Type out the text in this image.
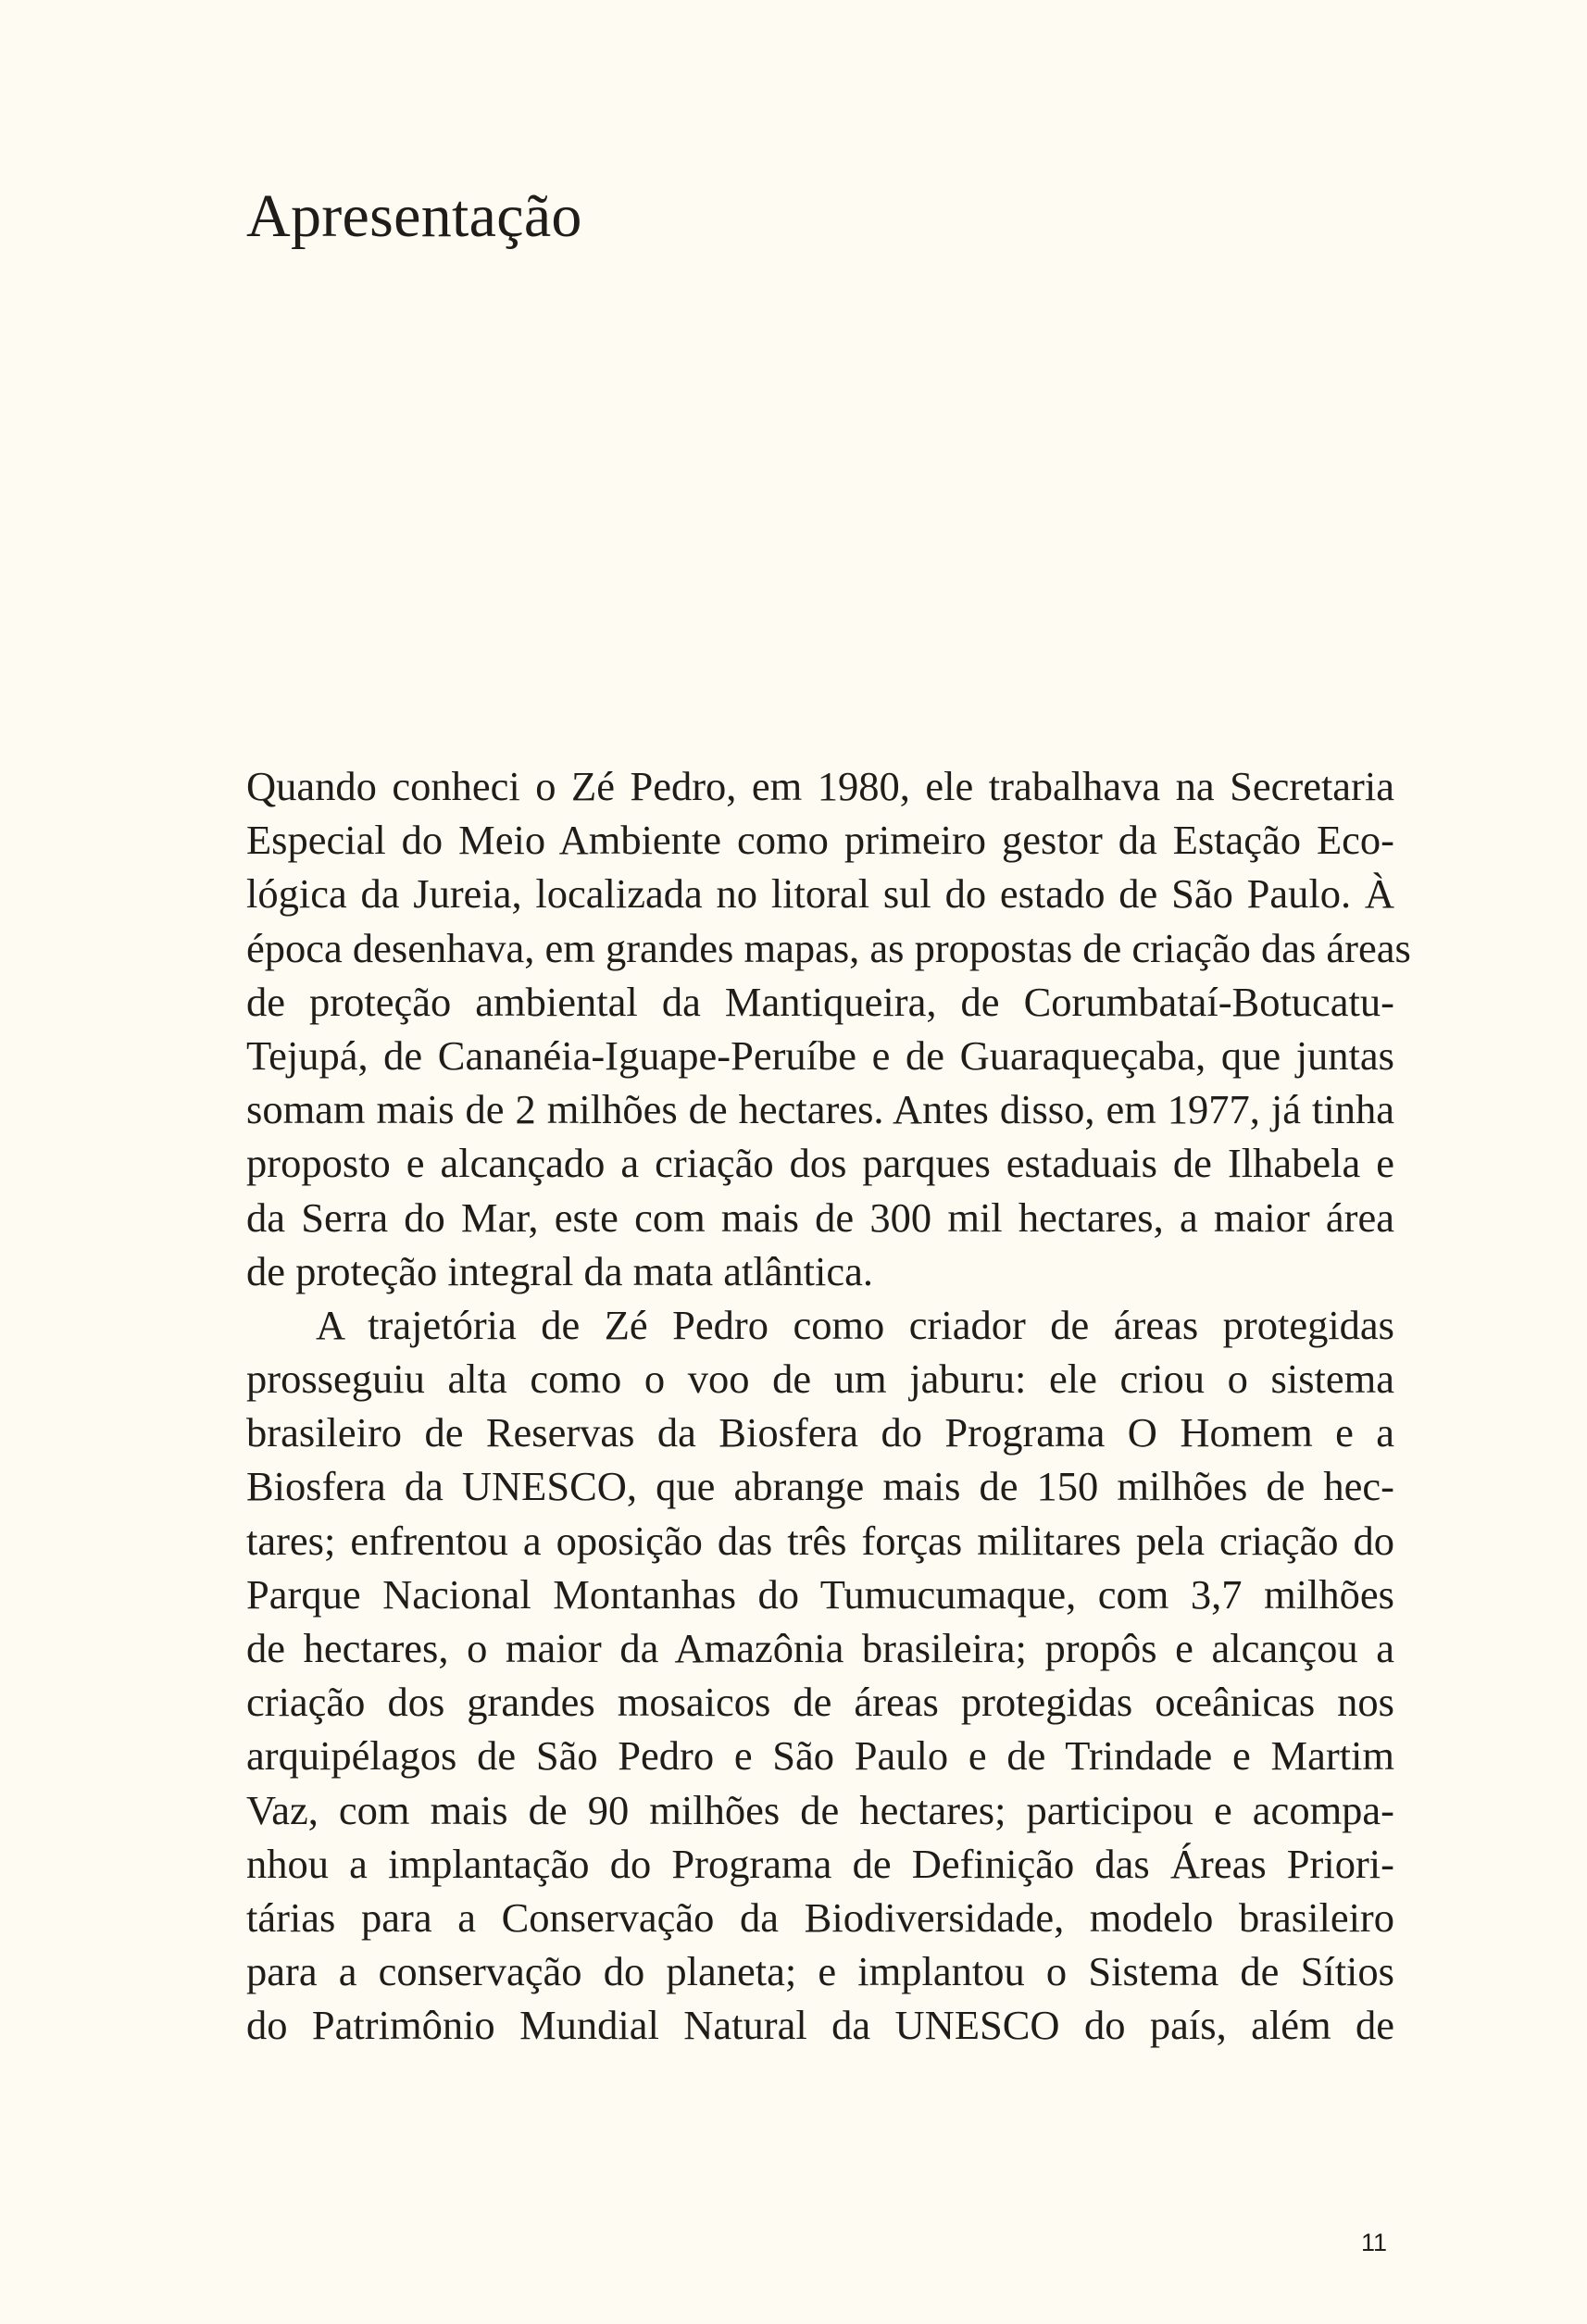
Apresentação

Quando conheci o Zé Pedro, em 1980, ele trabalhava na Secretaria
Especial do Meio Ambiente como primeiro gestor da Estação Eco-
lógica da Jureia, localizada no litoral sul do estado de São Paulo. À
época desenhava, em grandes mapas, as propostas de criação das áreas
de proteção ambiental da Mantiqueira, de Corumbataí-Botucatu-
Tejupá, de Cananéia-Iguape-Peruíbe e de Guaraqueçaba, que juntas
somam mais de 2 milhões de hectares. Antes disso, em 1977, já tinha
proposto e alcançado a criação dos parques estaduais de Ilhabela e
da Serra do Mar, este com mais de 300 mil hectares, a maior área
de proteção integral da mata atlântica.

A trajetória de Zé Pedro como criador de áreas protegidas
prosseguiu alta como o voo de um jaburu: ele criou o sistema
brasileiro de Reservas da Biosfera do Programa O Homem e a
Biosfera da UNESCO, que abrange mais de 150 milhões de hec-
tares; enfrentou a oposição das três forças militares pela criação do
Parque Nacional Montanhas do Tumucumaque, com 3,7 milhões
de hectares, o maior da Amazônia brasileira; propôs e alcançou a
criação dos grandes mosaicos de áreas protegidas oceânicas nos
arquipélagos de São Pedro e São Paulo e de Trindade e Martim
Vaz, com mais de 90 milhões de hectares; participou e acompa-
nhou a implantação do Programa de Definição das Áreas Priori-
tárias para a Conservação da Biodiversidade, modelo brasileiro
para a conservação do planeta; e implantou o Sistema de Sítios
do Patrimônio Mundial Natural da UNESCO do país, além de

11
